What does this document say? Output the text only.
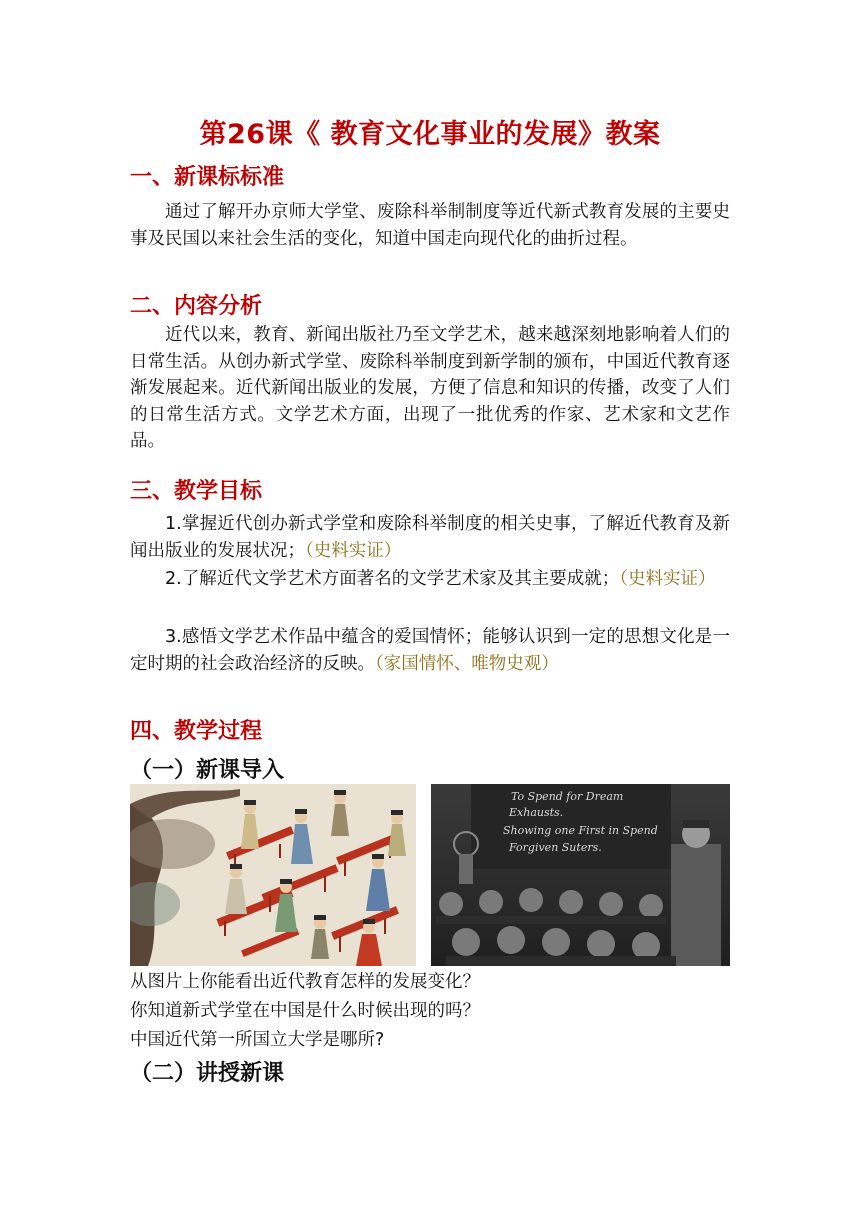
第26课《 教育文化事业的发展》教案
一、新课标标准

通过了解开办京师大学堂、废除科举制制度等近代新式教育发展的主要史事及民国以来社会生活的变化，知道中国走向现代化的曲折过程。

二、内容分析

近代以来，教育、新闻出版社乃至文学艺术，越来越深刻地影响着人们的日常生活。从创办新式学堂、废除科举制度到新学制的颁布，中国近代教育逐渐发展起来。近代新闻出版业的发展，方便了信息和知识的传播，改变了人们的日常生活方式。文学艺术方面，出现了一批优秀的作家、艺术家和文艺作品。

三、教学目标

1.掌握近代创办新式学堂和废除科举制度的相关史事，了解近代教育及新闻出版业的发展状况；（史料实证）

2.了解近代文学艺术方面著名的文学艺术家及其主要成就；（史料实证）

3.感悟文学艺术作品中蕴含的爱国情怀；能够认识到一定的思想文化是一定时期的社会政治经济的反映。（家国情怀、唯物史观）

四、教学过程
（一）新课导入
To Spend for Dream
Exhausts.
Showing one First in Spend
Forgiven Suters.
从图片上你能看出近代教育怎样的发展变化？
你知道新式学堂在中国是什么时候出现的吗？
中国近代第一所国立大学是哪所?
（二）讲授新课
